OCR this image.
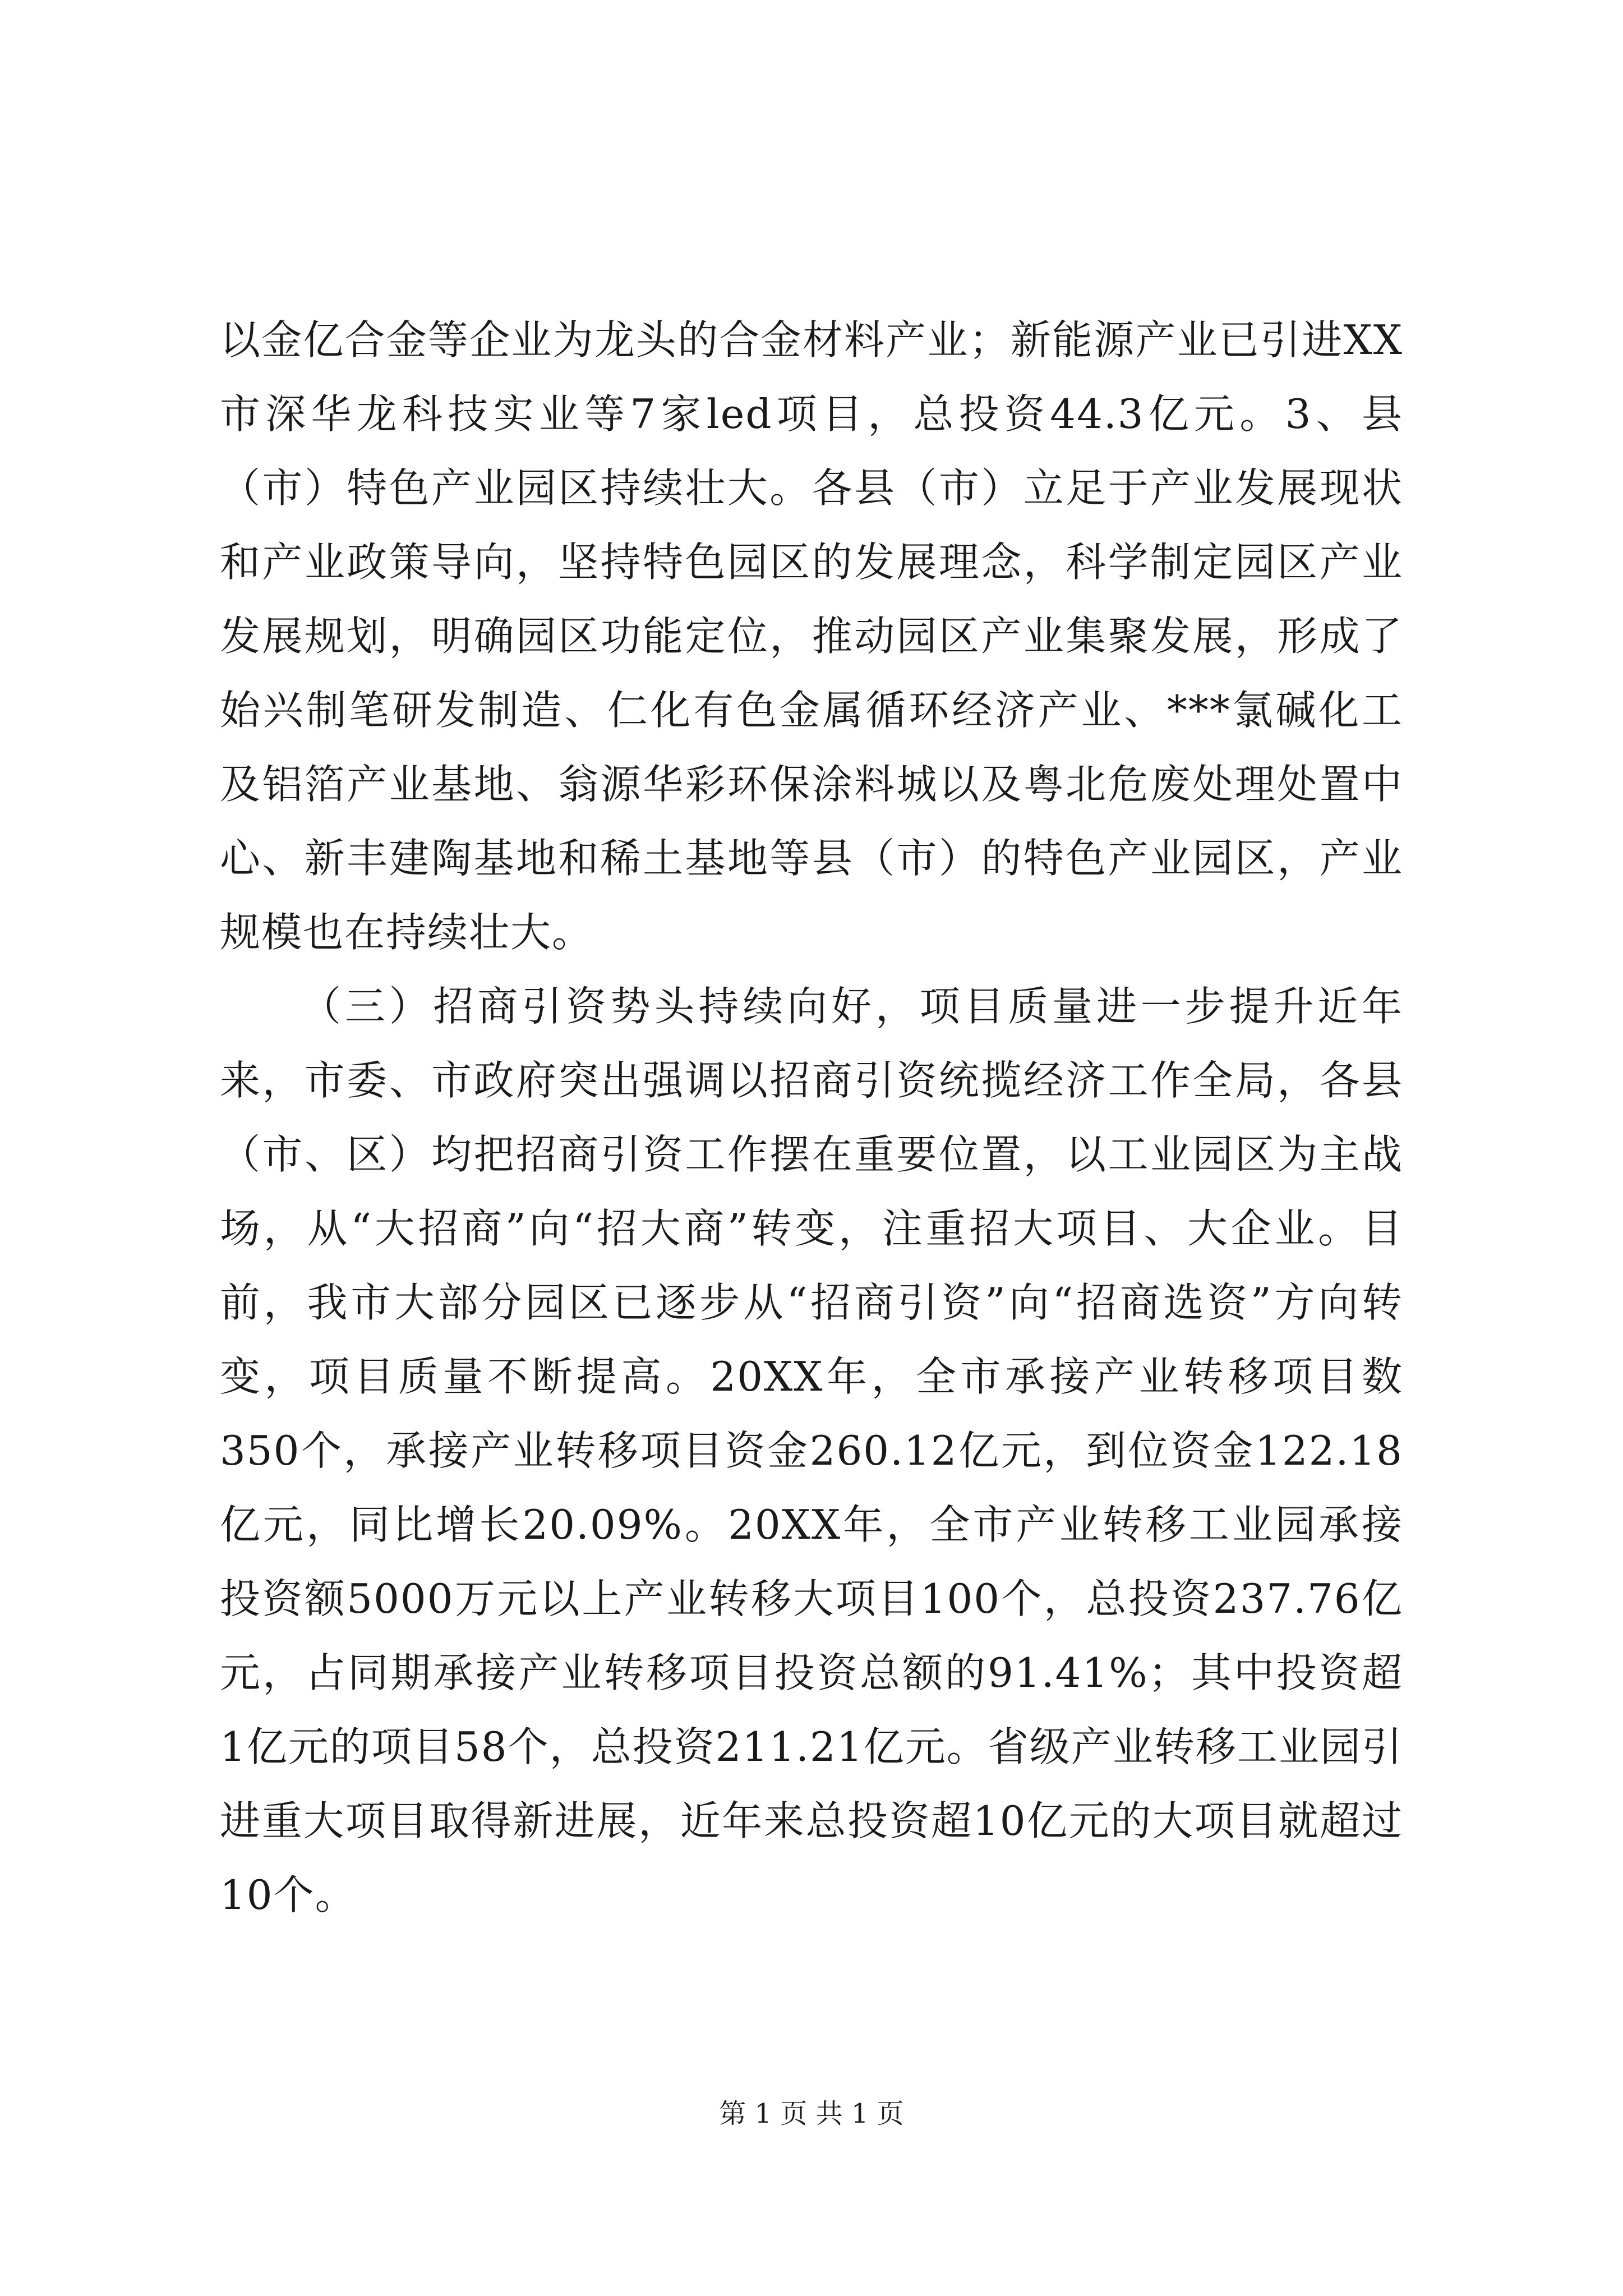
以金亿合金等企业为龙头的合金材料产业；新能源产业已引进XX市深华龙科技实业等7家led项目，总投资44.3亿元。3、县（市）特色产业园区持续壮大。各县（市）立足于产业发展现状和产业政策导向，坚持特色园区的发展理念，科学制定园区产业发展规划，明确园区功能定位，推动园区产业集聚发展，形成了始兴制笔研发制造、仁化有色金属循环经济产业、***氯碱化工及铝箔产业基地、翁源华彩环保涂料城以及粤北危废处理处置中心、新丰建陶基地和稀土基地等县（市）的特色产业园区，产业规模也在持续壮大。

（三）招商引资势头持续向好，项目质量进一步提升近年来，市委、市政府突出强调以招商引资统揽经济工作全局，各县（市、区）均把招商引资工作摆在重要位置，以工业园区为主战场，从“大招商”向“招大商”转变，注重招大项目、大企业。目前，我市大部分园区已逐步从“招商引资”向“招商选资”方向转变，项目质量不断提高。20XX年，全市承接产业转移项目数350个，承接产业转移项目资金260.12亿元，到位资金122.18亿元，同比增长20.09%。20XX年，全市产业转移工业园承接投资额5000万元以上产业转移大项目100个，总投资237.76亿元，占同期承接产业转移项目投资总额的91.41%；其中投资超1亿元的项目58个，总投资211.21亿元。省级产业转移工业园引进重大项目取得新进展，近年来总投资超10亿元的大项目就超过10个。

第 1 页 共 1 页
